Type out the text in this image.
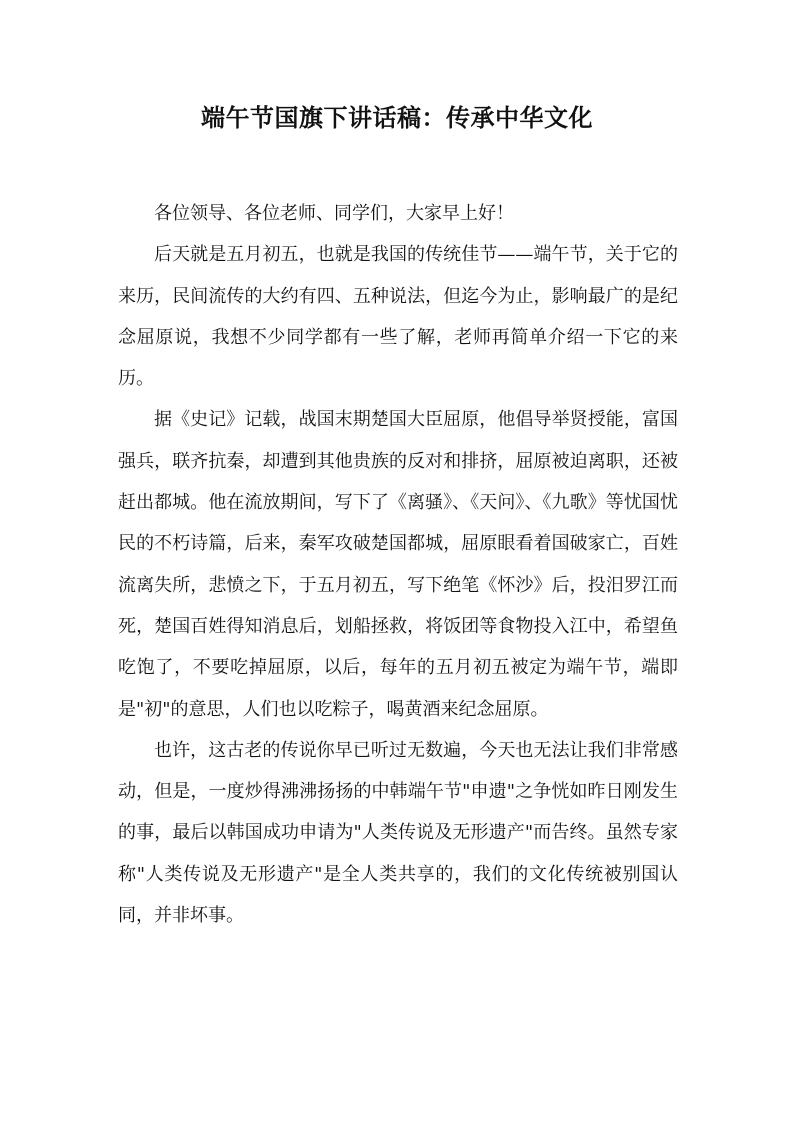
端午节国旗下讲话稿：传承中华文化

各位领导、各位老师、同学们，大家早上好！

后天就是五月初五，也就是我国的传统佳节——端午节，关于它的来历，民间流传的大约有四、五种说法，但迄今为止，影响最广的是纪念屈原说，我想不少同学都有一些了解，老师再简单介绍一下它的来历。

据《史记》记载，战国末期楚国大臣屈原，他倡导举贤授能，富国强兵，联齐抗秦，却遭到其他贵族的反对和排挤，屈原被迫离职，还被赶出都城。他在流放期间，写下了《离骚》、《天问》、《九歌》等忧国忧民的不朽诗篇，后来，秦军攻破楚国都城，屈原眼看着国破家亡，百姓流离失所，悲愤之下，于五月初五，写下绝笔《怀沙》后，投汨罗江而死，楚国百姓得知消息后，划船拯救，将饭团等食物投入江中，希望鱼吃饱了，不要吃掉屈原，以后，每年的五月初五被定为端午节，端即是"初"的意思，人们也以吃粽子，喝黄酒来纪念屈原。

也许，这古老的传说你早已听过无数遍，今天也无法让我们非常感动，但是，一度炒得沸沸扬扬的中韩端午节"申遗"之争恍如昨日刚发生的事，最后以韩国成功申请为"人类传说及无形遗产"而告终。虽然专家称"人类传说及无形遗产"是全人类共享的，我们的文化传统被别国认同，并非坏事。
